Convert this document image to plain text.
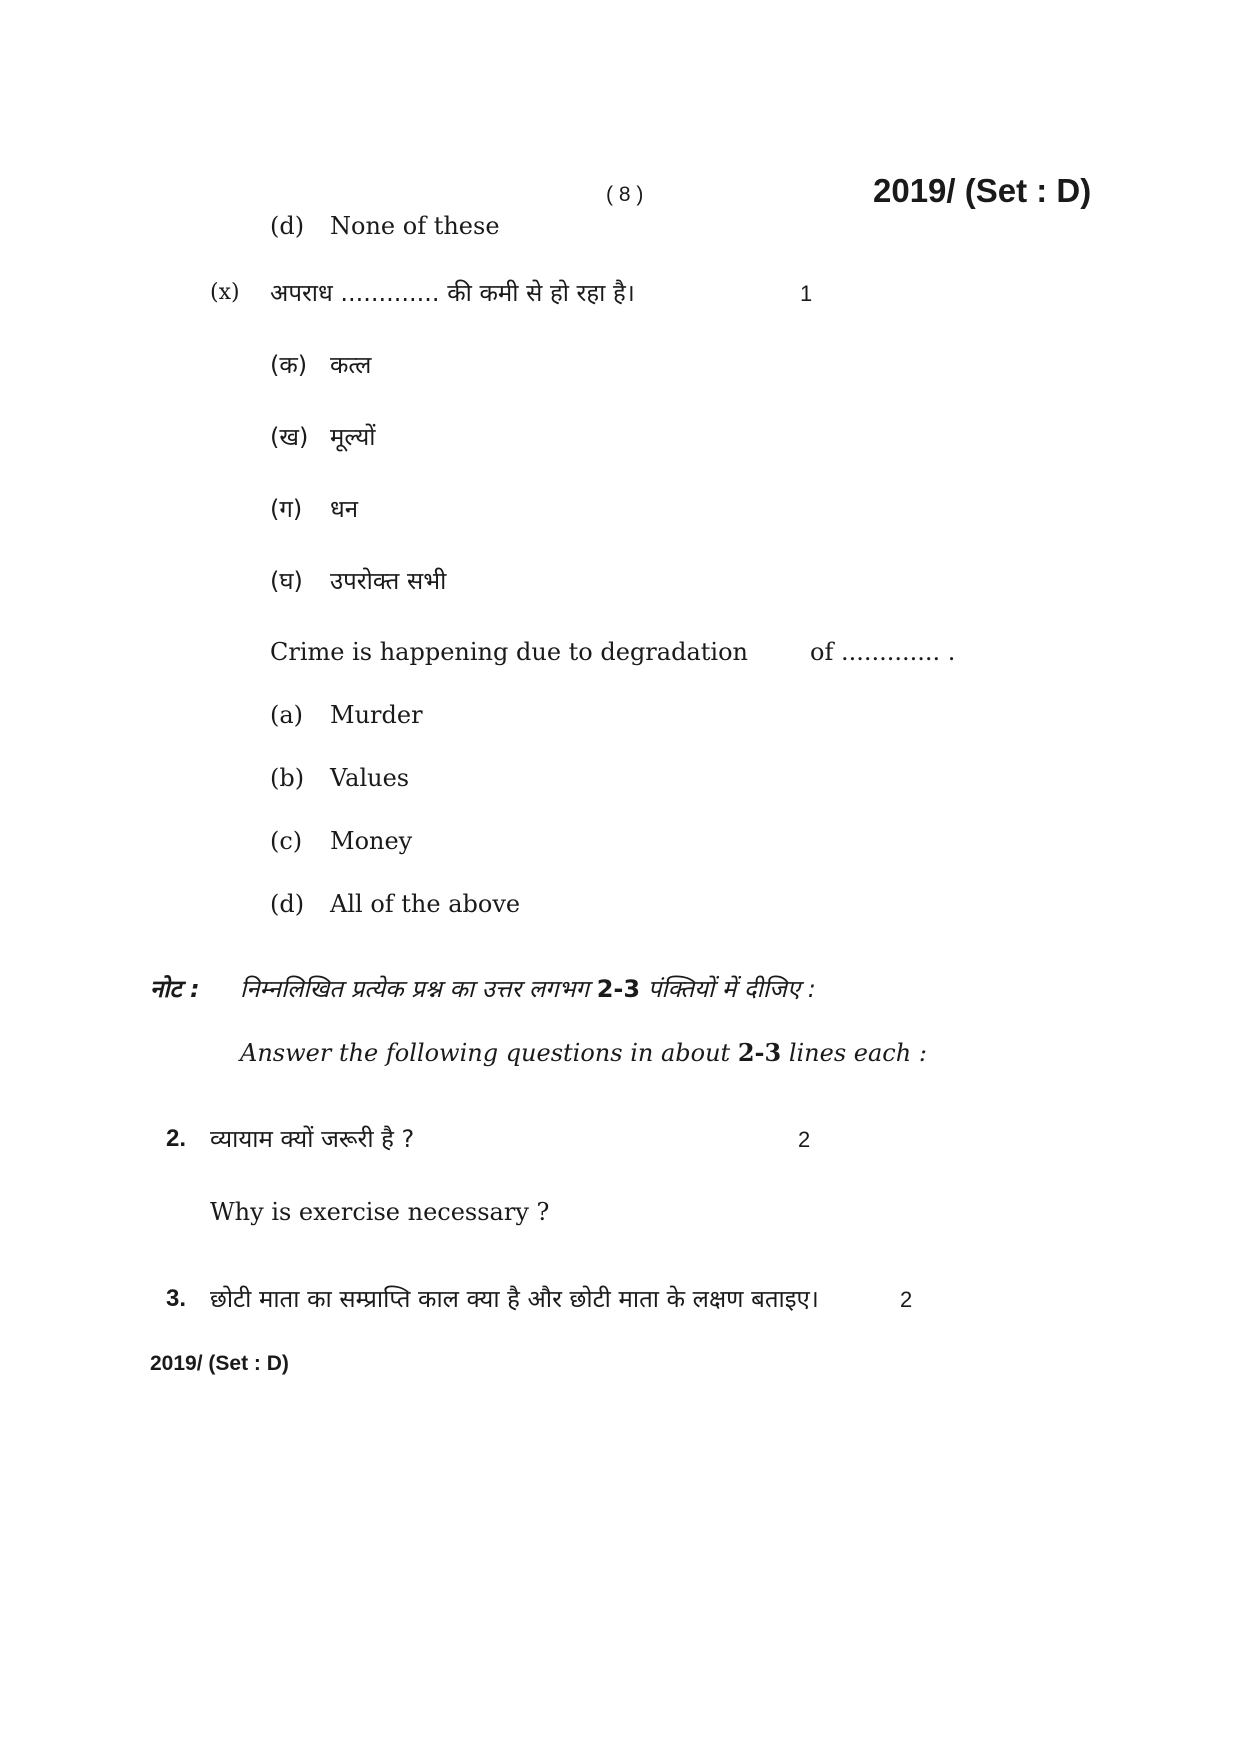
( 8 )	2019/ (Set : D)
(d) None of these
(x) अपराध ............. की कमी से हो रहा है।	1
(क) कत्ल
(ख) मूल्यों
(ग) धन
(घ) उपरोक्त सभी
Crime is happening due to degradation	of ............. .
(a) Murder
(b) Values
(c) Money
(d) All of the above
नोट : निम्नलिखित प्रत्येक प्रश्न का उत्तर लगभग 2-3 पंक्तियों में दीजिए :
Answer the following questions in about 2-3 lines each :
2. व्यायाम क्यों जरूरी है ?	2
Why is exercise necessary ?
3. छोटी माता का सम्प्राप्ति काल क्या है और छोटी माता के लक्षण बताइए।	2
2019/ (Set : D)
